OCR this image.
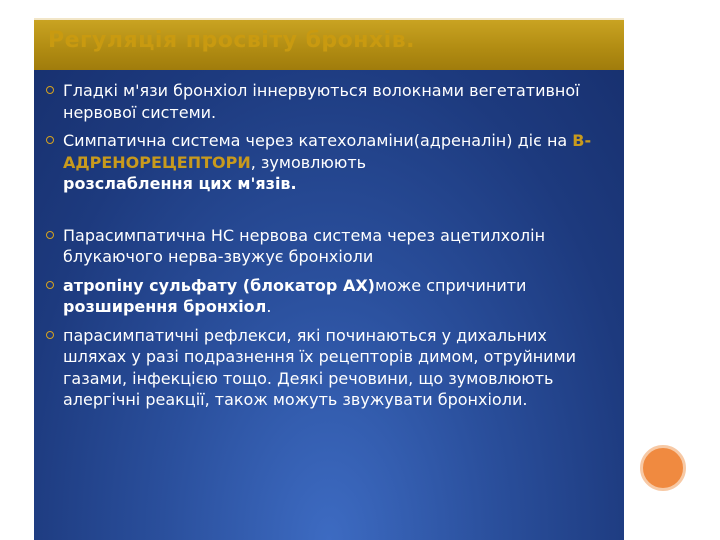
Регуляція просвіту бронхів.
Гладкі м'язи бронхіол іннервуються волокнами вегетативної нервової системи.
Симпатична система через катехоламіни(адреналін) діє на B-АДРЕНОРЕЦЕПТОРИ, зумовлюють
розслаблення цих м'язів.
Парасимпатична НС нервова система через ацетилхолін блукаючого нерва-звужує бронхіоли
атропіну сульфату (блокатор АХ)може спричинити розширення бронхіол.
парасимпатичні рефлекси, які починаються у дихальних шляхах у разі подразнення їх рецепторів димом, отруйними газами, інфекцією тощо. Деякі речовини, що зумовлюють алергічні реакції, також можуть звужувати бронхіоли.
